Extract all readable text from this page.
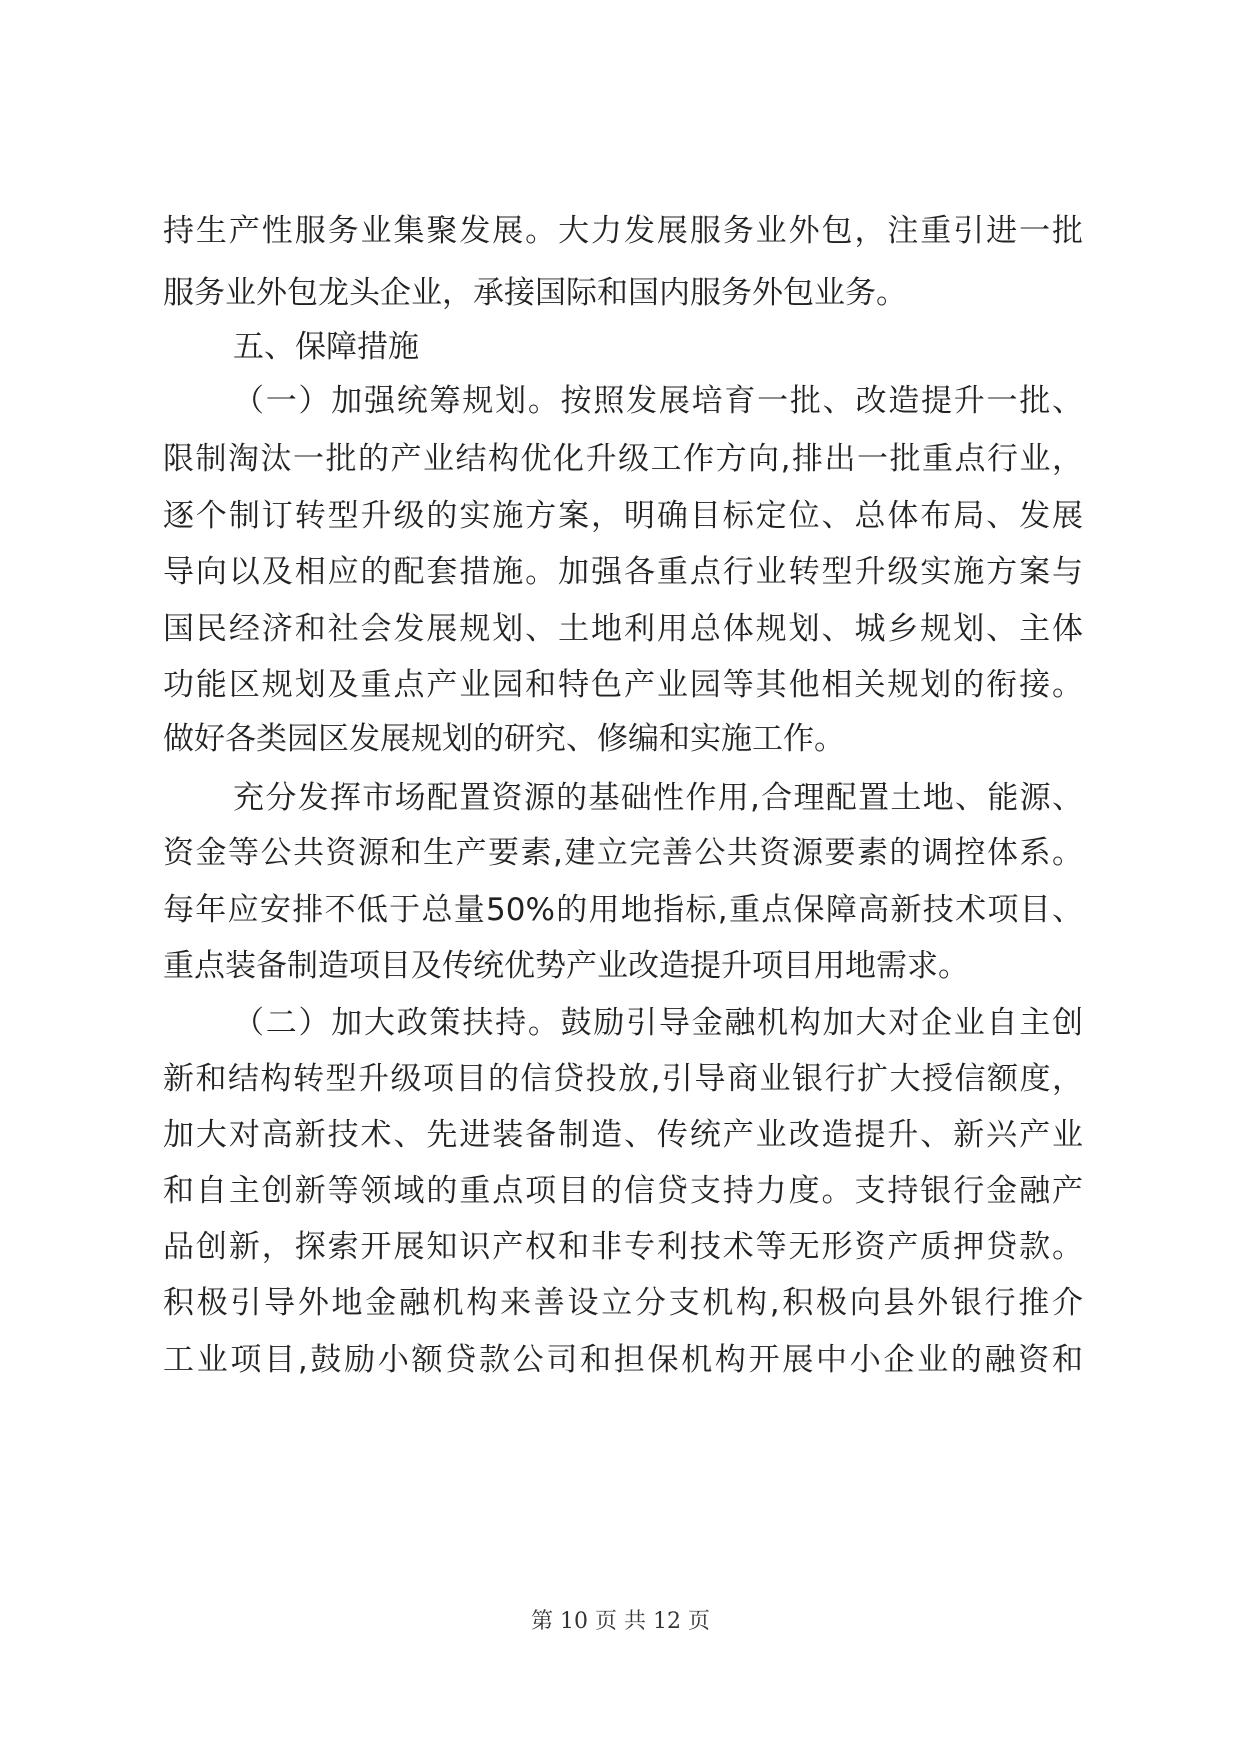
持生产性服务业集聚发展。大力发展服务业外包，注重引进一批
服务业外包龙头企业，承接国际和国内服务外包业务。
五、保障措施
（一）加强统筹规划。按照发展培育一批、改造提升一批、
限制淘汰一批的产业结构优化升级工作方向,排出一批重点行业，
逐个制订转型升级的实施方案，明确目标定位、总体布局、发展
导向以及相应的配套措施。加强各重点行业转型升级实施方案与
国民经济和社会发展规划、土地利用总体规划、城乡规划、主体
功能区规划及重点产业园和特色产业园等其他相关规划的衔接。
做好各类园区发展规划的研究、修编和实施工作。
充分发挥市场配置资源的基础性作用,合理配置土地、能源、
资金等公共资源和生产要素,建立完善公共资源要素的调控体系。
每年应安排不低于总量50%的用地指标,重点保障高新技术项目、
重点装备制造项目及传统优势产业改造提升项目用地需求。
（二）加大政策扶持。鼓励引导金融机构加大对企业自主创
新和结构转型升级项目的信贷投放,引导商业银行扩大授信额度，
加大对高新技术、先进装备制造、传统产业改造提升、新兴产业
和自主创新等领域的重点项目的信贷支持力度。支持银行金融产
品创新，探索开展知识产权和非专利技术等无形资产质押贷款。
积极引导外地金融机构来善设立分支机构,积极向县外银行推介
工业项目,鼓励小额贷款公司和担保机构开展中小企业的融资和
第 10 页 共 12 页
